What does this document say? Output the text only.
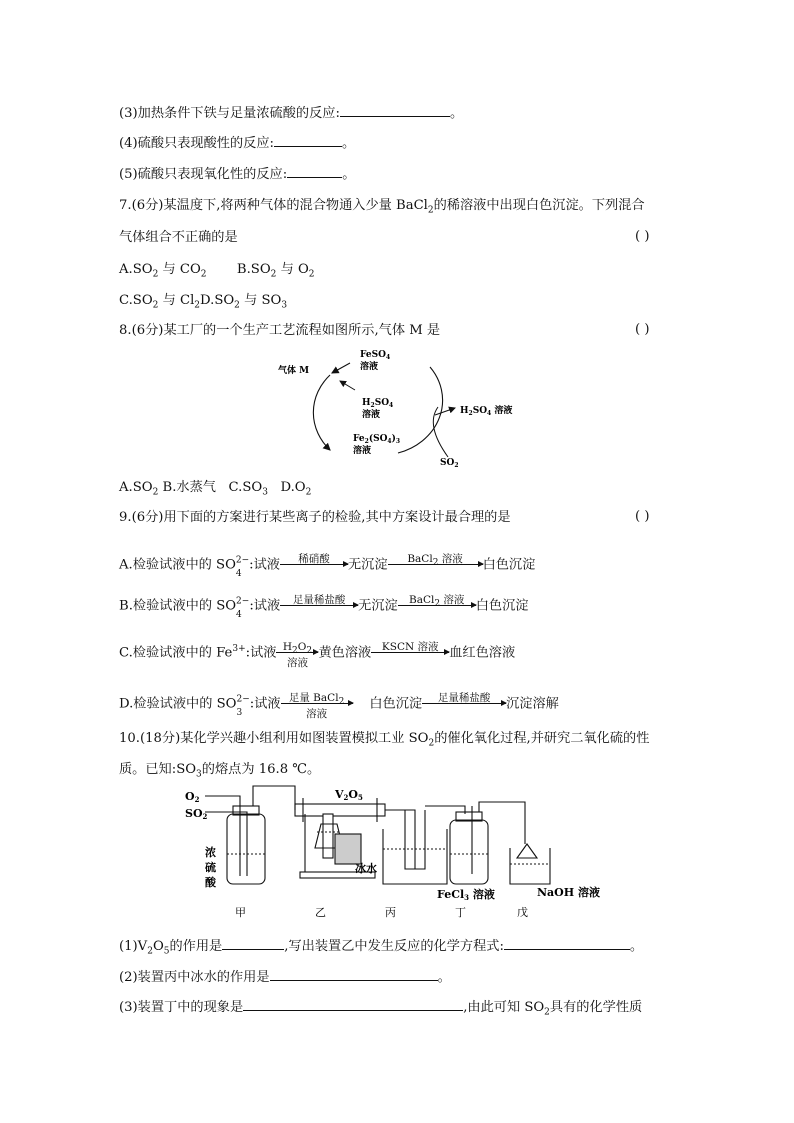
(3)加热条件下铁与足量浓硫酸的反应:	。
(4)硫酸只表现酸性的反应:	。
(5)硫酸只表现氧化性的反应:	。
7.(6分)某温度下,将两种气体的混合物通入少量 BaCl$_2$的稀溶液中出现白色沉淀。下列混合
气体组合不正确的是	( )
$A.SO_2$ 与 $CO_2$ $B.SO_2$ 与 $O_2$
$C.SO_2$ 与 $Cl_2D.SO_2$ 与 $SO_3$
8.(6分)某工厂的一个生产工艺流程如图所示,气体 M 是	( )
FeSO$_4$
溶液
气体 M
$H_2SO_4$
溶液
$Fe_2(SO_4)_3$
溶液
$H_2SO_4$ 溶液
$SO_2$
$A.SO_2$ B.水蒸气 $C.SO_3$ $D.O_2$
9.(6分)用下面的方案进行某些离子的检验,其中方案设计最合理的是	( )
A.检验试液中的 SO
4
$^{2-}$:试液	稀硝酸	无沉淀	BaCl$_2$ 溶液	白色沉淀
B.检验试液中的 SO
4
$^{2-}$:试液	足量稀盐酸 无沉淀	BaCl$_2$ 溶液 白色沉淀
C.检验试液中的 $Fe^{3+}$:试液 $H_2O_2$
溶液
黄色溶液	KSCN 溶液 血红色溶液
D.检验试液中的 SO
3
$^{2-}$:试液 足量 BaCl$_2$
溶液
白色沉淀	足量稀盐酸	沉淀溶解
10.(18分)某化学兴趣小组利用如图装置模拟工业 $SO_2$的催化氧化过程,并研究二氧化硫的性
质。已知$:SO_3$的熔点为 16.8 ℃。
O2
SO2
V2O5
浓
硫
酸
冰水
FeCl3 溶液	NaOH 溶液
甲	乙	丙	丁	戊
$(1)V_2O_5$的作用是	,写出装置乙中发生反应的化学方程式:	。
(2)装置丙中冰水的作用是	。
(3)装置丁中的现象是	,由此可知 $SO_2$具有的化学性质
